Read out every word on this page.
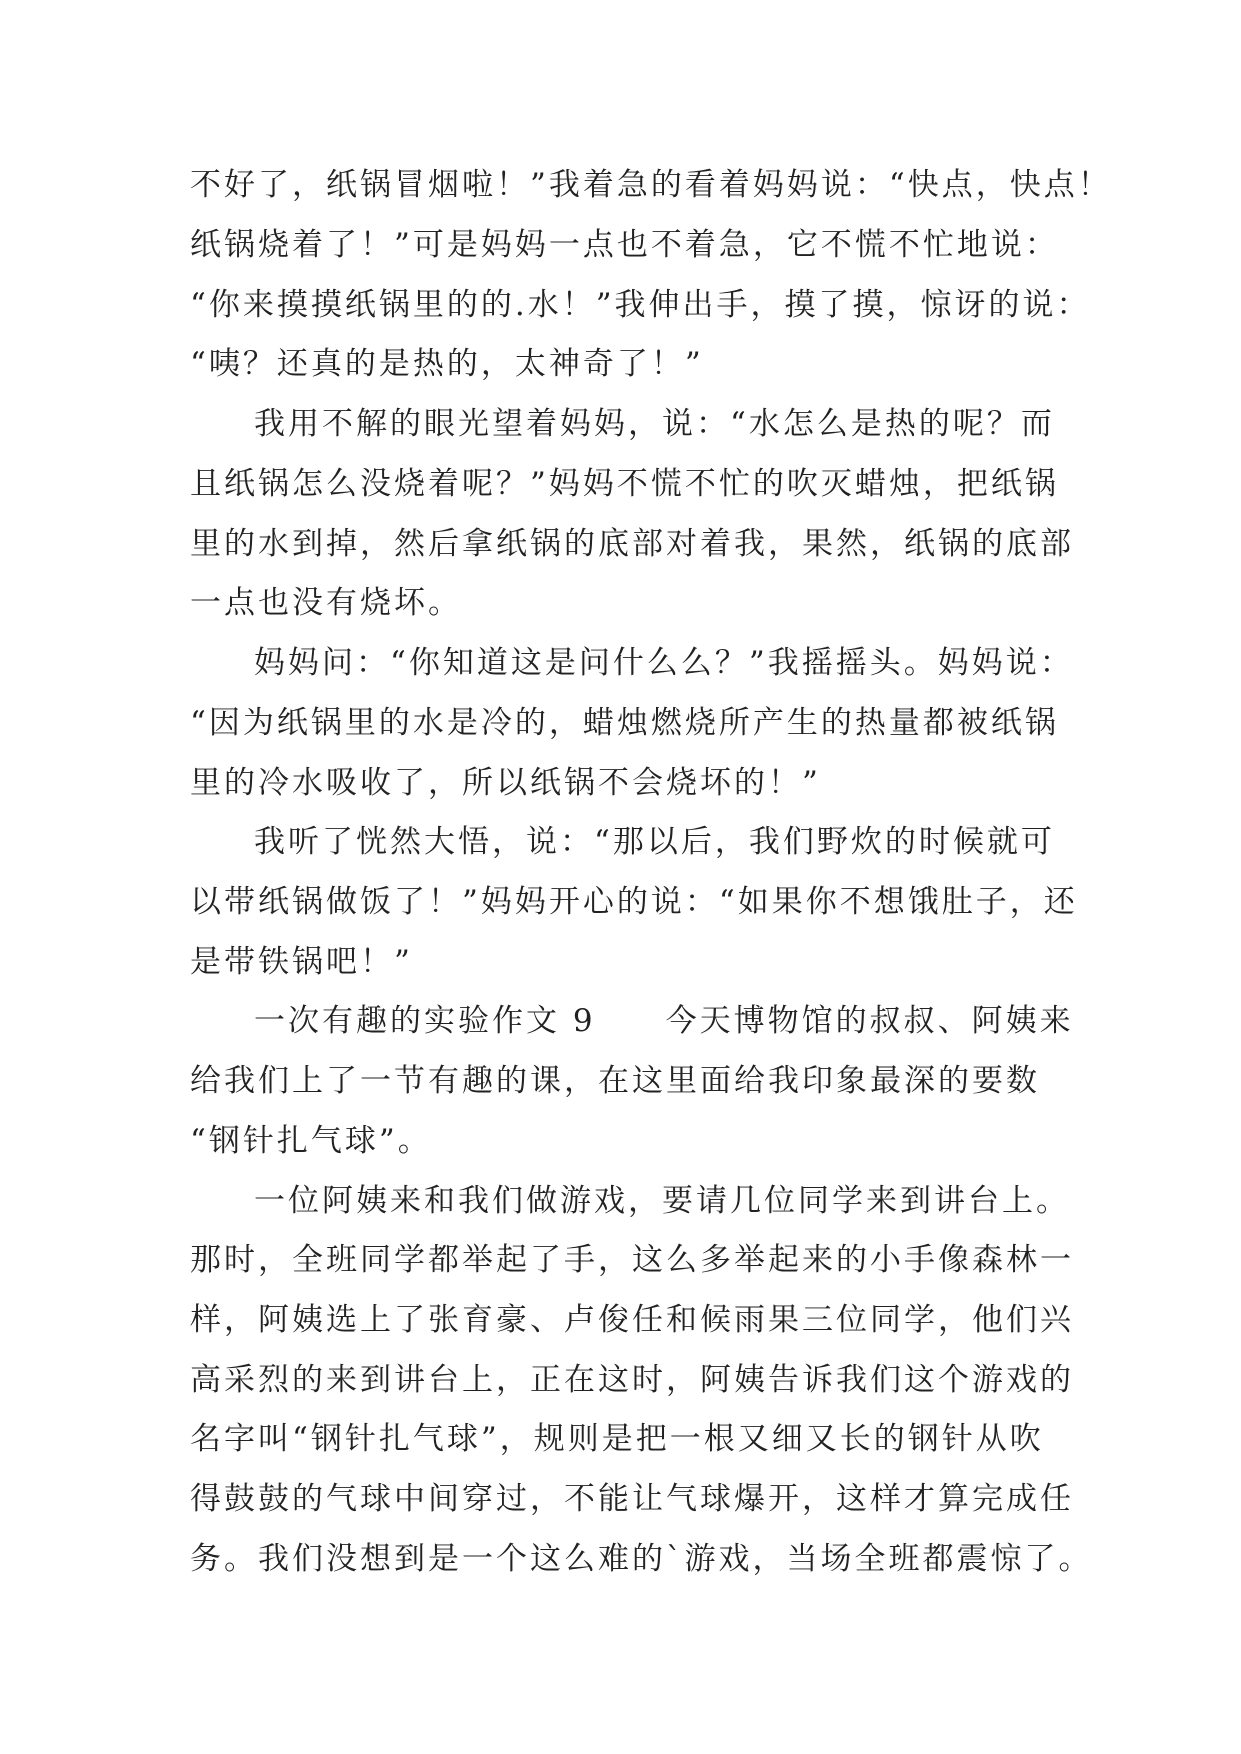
不好了，纸锅冒烟啦！”我着急的看着妈妈说：“快点，快点！
纸锅烧着了！”可是妈妈一点也不着急，它不慌不忙地说：
“你来摸摸纸锅里的的.水！”我伸出手，摸了摸，惊讶的说：
“咦？还真的是热的，太神奇了！”
我用不解的眼光望着妈妈，说：“水怎么是热的呢？而
且纸锅怎么没烧着呢？”妈妈不慌不忙的吹灭蜡烛，把纸锅
里的水到掉，然后拿纸锅的底部对着我，果然，纸锅的底部
一点也没有烧坏。
妈妈问：“你知道这是问什么么？”我摇摇头。妈妈说：
“因为纸锅里的水是冷的，蜡烛燃烧所产生的热量都被纸锅
里的冷水吸收了，所以纸锅不会烧坏的！”
我听了恍然大悟，说：“那以后，我们野炊的时候就可
以带纸锅做饭了！”妈妈开心的说：“如果你不想饿肚子，还
是带铁锅吧！”
一次有趣的实验作文 9 今天博物馆的叔叔、阿姨来
给我们上了一节有趣的课，在这里面给我印象最深的要数
“钢针扎气球”。
一位阿姨来和我们做游戏，要请几位同学来到讲台上。
那时，全班同学都举起了手，这么多举起来的小手像森林一
样，阿姨选上了张育豪、卢俊任和候雨果三位同学，他们兴
高采烈的来到讲台上，正在这时，阿姨告诉我们这个游戏的
名字叫“钢针扎气球”，规则是把一根又细又长的钢针从吹
得鼓鼓的气球中间穿过，不能让气球爆开，这样才算完成任
务。我们没想到是一个这么难的`游戏，当场全班都震惊了。
